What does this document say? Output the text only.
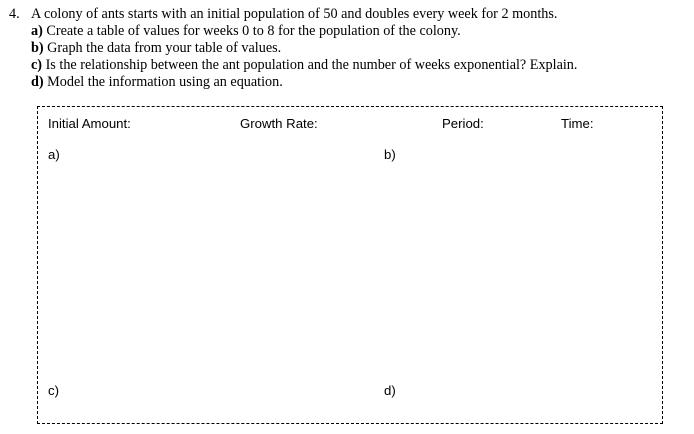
4. A colony of ants starts with an initial population of 50 and doubles every week for 2 months.
a) Create a table of values for weeks 0 to 8 for the population of the colony.
b) Graph the data from your table of values.
c) Is the relationship between the ant population and the number of weeks exponential? Explain.
d) Model the information using an equation.
Initial Amount:	Growth Rate:	Period:	Time:
a)	b)
c)	d)
